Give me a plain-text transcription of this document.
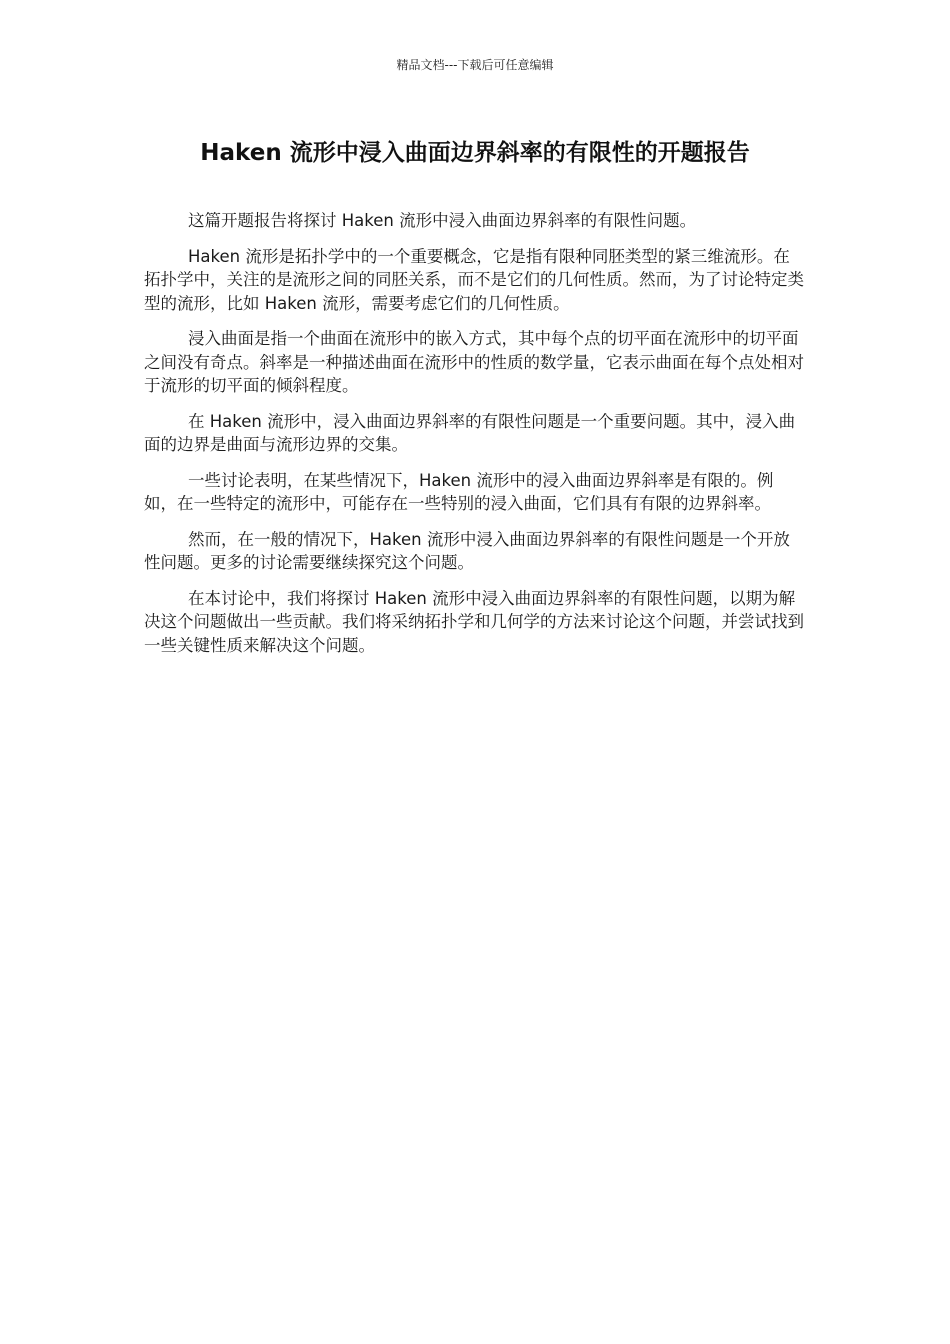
精品文档---下载后可任意编辑
Haken 流形中浸入曲面边界斜率的有限性的开题报告

这篇开题报告将探讨 Haken 流形中浸入曲面边界斜率的有限性问题。

Haken 流形是拓扑学中的一个重要概念，它是指有限种同胚类型的紧三维流形。在拓扑学中，关注的是流形之间的同胚关系，而不是它们的几何性质。然而，为了讨论特定类型的流形，比如 Haken 流形，需要考虑它们的几何性质。

浸入曲面是指一个曲面在流形中的嵌入方式，其中每个点的切平面在流形中的切平面之间没有奇点。斜率是一种描述曲面在流形中的性质的数学量，它表示曲面在每个点处相对于流形的切平面的倾斜程度。

在 Haken 流形中，浸入曲面边界斜率的有限性问题是一个重要问题。其中，浸入曲面的边界是曲面与流形边界的交集。

一些讨论表明，在某些情况下，Haken 流形中的浸入曲面边界斜率是有限的。例如，在一些特定的流形中，可能存在一些特别的浸入曲面，它们具有有限的边界斜率。

然而，在一般的情况下，Haken 流形中浸入曲面边界斜率的有限性问题是一个开放性问题。更多的讨论需要继续探究这个问题。

在本讨论中，我们将探讨 Haken 流形中浸入曲面边界斜率的有限性问题，以期为解决这个问题做出一些贡献。我们将采纳拓扑学和几何学的方法来讨论这个问题，并尝试找到一些关键性质来解决这个问题。
